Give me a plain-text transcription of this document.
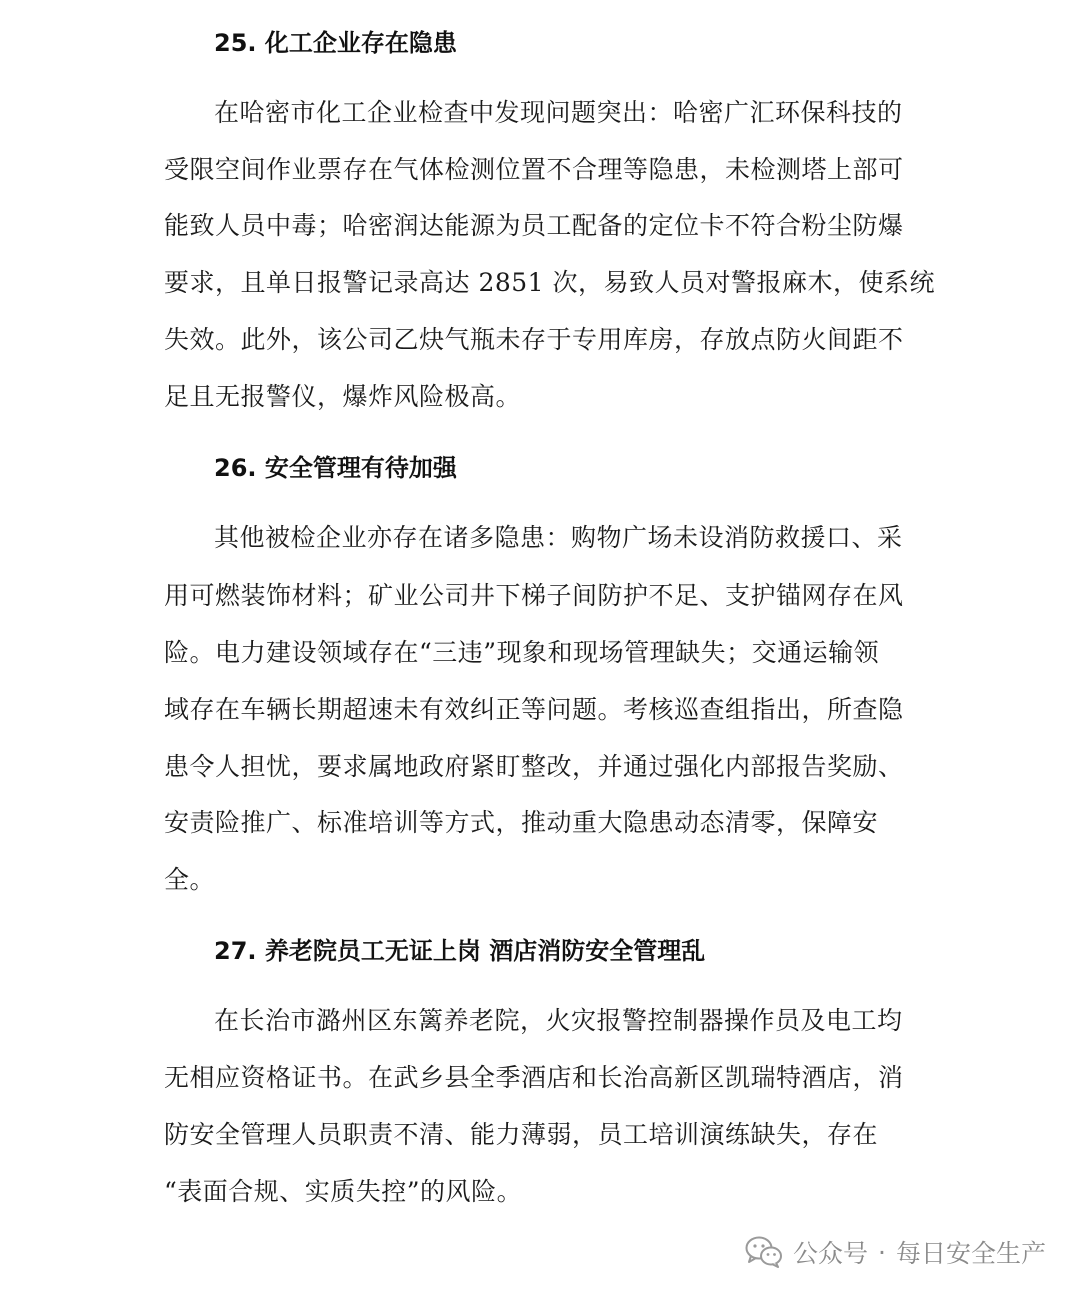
25. 化工企业存在隐患
在哈密市化工企业检查中发现问题突出：哈密广汇环保科技的
受限空间作业票存在气体检测位置不合理等隐患，未检测塔上部可
能致人员中毒；哈密润达能源为员工配备的定位卡不符合粉尘防爆
要求，且单日报警记录高达 2851 次，易致人员对警报麻木，使系统
失效。此外，该公司乙炔气瓶未存于专用库房，存放点防火间距不
足且无报警仪，爆炸风险极高。
26. 安全管理有待加强
其他被检企业亦存在诸多隐患：购物广场未设消防救援口、采
用可燃装饰材料；矿业公司井下梯子间防护不足、支护锚网存在风
险。电力建设领域存在“三违”现象和现场管理缺失；交通运输领
域存在车辆长期超速未有效纠正等问题。考核巡查组指出，所查隐
患令人担忧，要求属地政府紧盯整改，并通过强化内部报告奖励、
安责险推广、标准培训等方式，推动重大隐患动态清零，保障安
全。
27. 养老院员工无证上岗 酒店消防安全管理乱
在长治市潞州区东篱养老院，火灾报警控制器操作员及电工均
无相应资格证书。在武乡县全季酒店和长治高新区凯瑞特酒店，消
防安全管理人员职责不清、能力薄弱，员工培训演练缺失，存在
“表面合规、实质失控”的风险。
公众号 · 每日安全生产
